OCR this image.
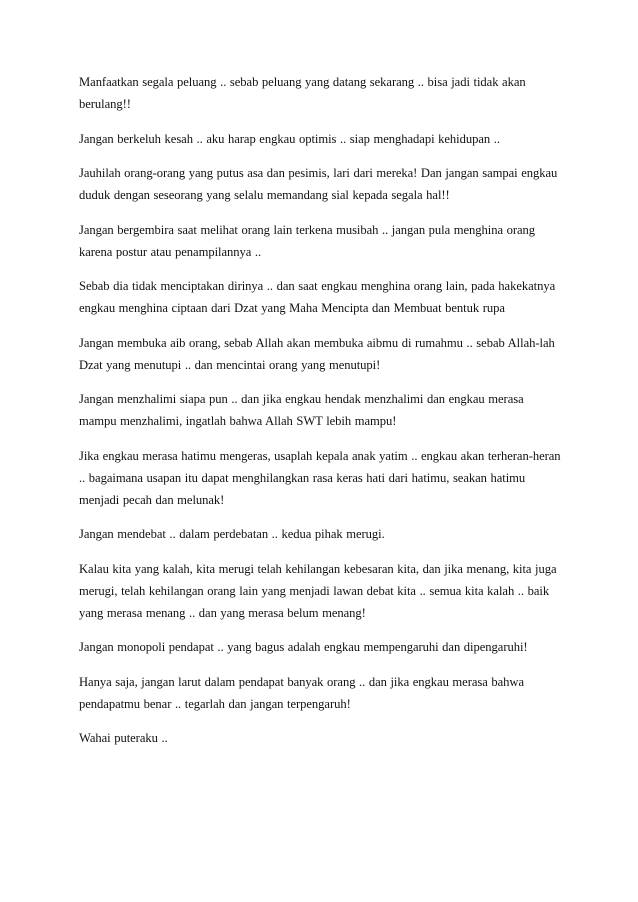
Manfaatkan segala peluang .. sebab peluang yang datang sekarang .. bisa jadi tidak akan berulang!!

Jangan berkeluh kesah .. aku harap engkau optimis .. siap menghadapi kehidupan ..

Jauhilah orang-orang yang putus asa dan pesimis, lari dari mereka! Dan jangan sampai engkau duduk dengan seseorang yang selalu memandang sial kepada segala hal!!

Jangan bergembira saat melihat orang lain terkena musibah .. jangan pula menghina orang karena postur atau penampilannya ..

Sebab dia tidak menciptakan dirinya .. dan saat engkau menghina orang lain, pada hakekatnya engkau menghina ciptaan dari Dzat yang Maha Mencipta dan Membuat bentuk rupa

Jangan membuka aib orang, sebab Allah akan membuka aibmu di rumahmu .. sebab Allah-lah Dzat yang menutupi .. dan mencintai orang yang menutupi!

Jangan menzhalimi siapa pun .. dan jika engkau hendak menzhalimi dan engkau merasa mampu menzhalimi, ingatlah bahwa Allah SWT lebih mampu!

Jika engkau merasa hatimu mengeras, usaplah kepala anak yatim .. engkau akan terheran-heran .. bagaimana usapan itu dapat menghilangkan rasa keras hati dari hatimu, seakan hatimu menjadi pecah dan melunak!

Jangan mendebat .. dalam perdebatan .. kedua pihak merugi.

Kalau kita yang kalah, kita merugi telah kehilangan kebesaran kita, dan jika menang, kita juga merugi, telah kehilangan orang lain yang menjadi lawan debat kita .. semua kita kalah .. baik yang merasa menang .. dan yang merasa belum menang!

Jangan monopoli pendapat .. yang bagus adalah engkau mempengaruhi dan dipengaruhi!

Hanya saja, jangan larut dalam pendapat banyak orang .. dan jika engkau merasa bahwa pendapatmu benar .. tegarlah dan jangan terpengaruh!

Wahai puteraku ..
